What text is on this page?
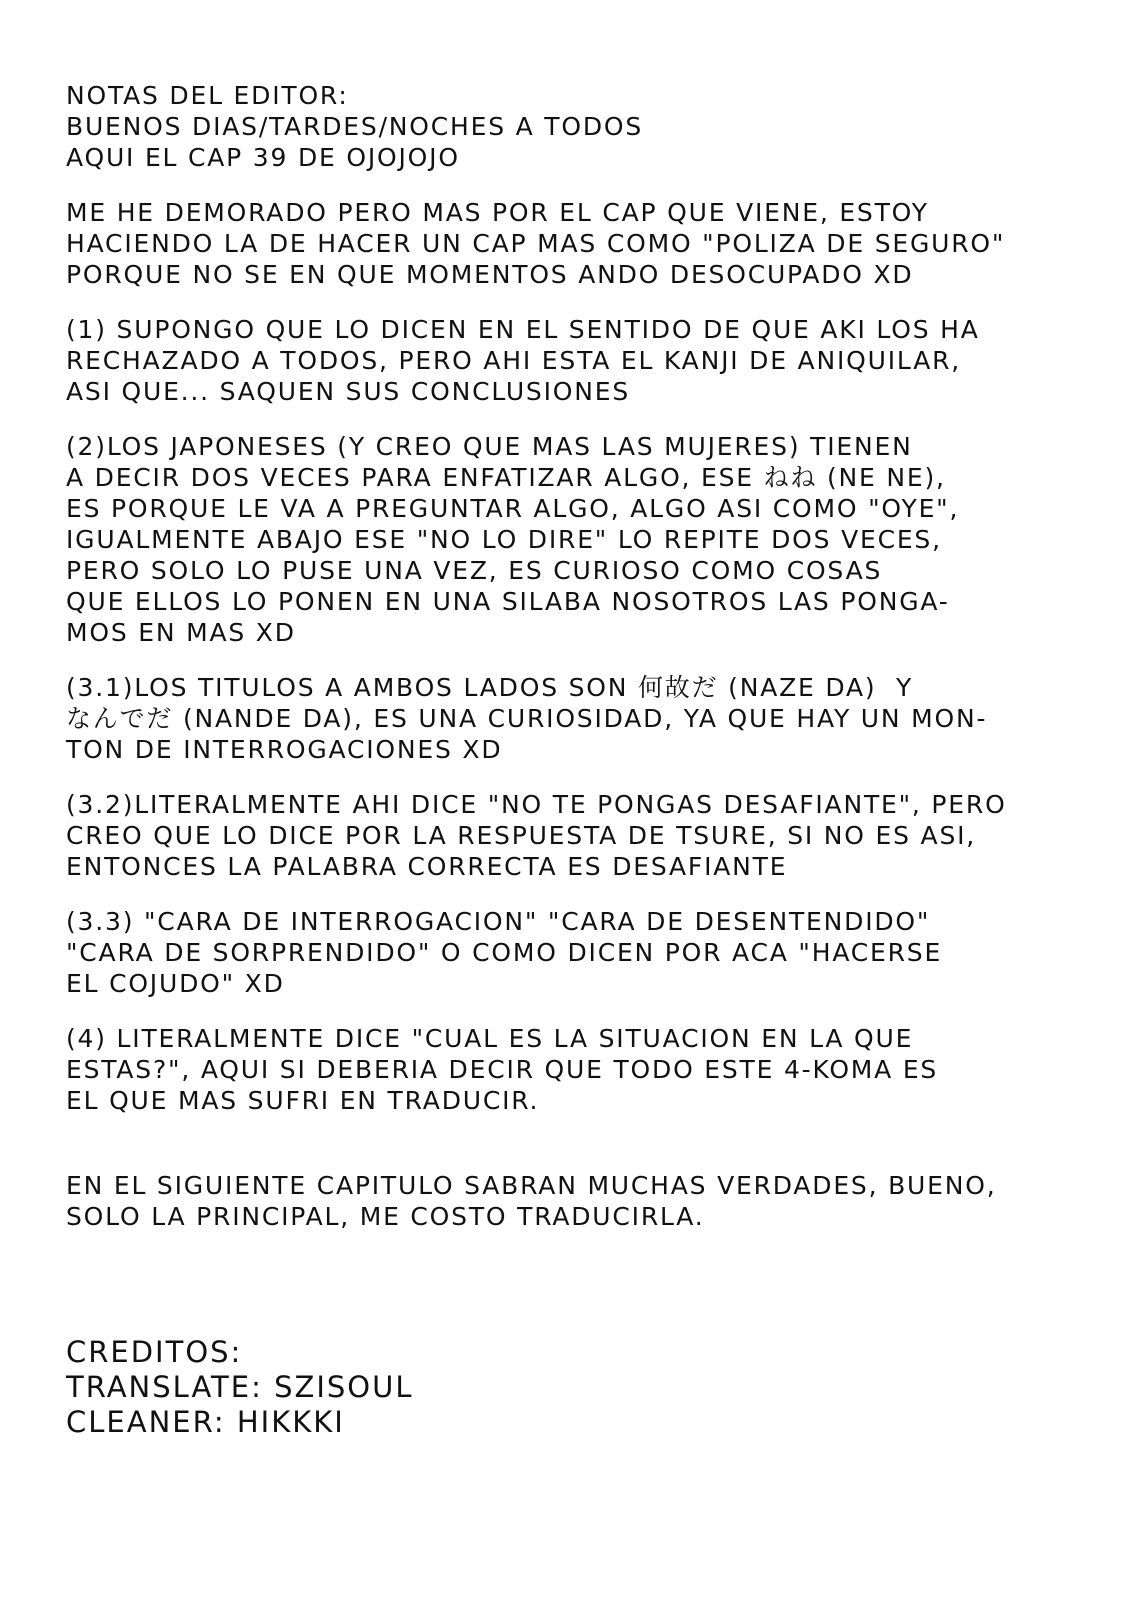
NOTAS DEL EDITOR:
BUENOS DIAS/TARDES/NOCHES A TODOS
AQUI EL CAP 39 DE OJOJOJO
ME HE DEMORADO PERO MAS POR EL CAP QUE VIENE, ESTOY
HACIENDO LA DE HACER UN CAP MAS COMO "POLIZA DE SEGURO"
PORQUE NO SE EN QUE MOMENTOS ANDO DESOCUPADO XD
(1) SUPONGO QUE LO DICEN EN EL SENTIDO DE QUE AKI LOS HA
RECHAZADO A TODOS, PERO AHI ESTA EL KANJI DE ANIQUILAR,
ASI QUE... SAQUEN SUS CONCLUSIONES
(2)LOS JAPONESES (Y CREO QUE MAS LAS MUJERES) TIENEN
A DECIR DOS VECES PARA ENFATIZAR ALGO, ESE ねね (NE NE),
ES PORQUE LE VA A PREGUNTAR ALGO, ALGO ASI COMO "OYE",
IGUALMENTE ABAJO ESE "NO LO DIRE" LO REPITE DOS VECES,
PERO SOLO LO PUSE UNA VEZ, ES CURIOSO COMO COSAS
QUE ELLOS LO PONEN EN UNA SILABA NOSOTROS LAS PONGA-
MOS EN MAS XD
(3.1)LOS TITULOS A AMBOS LADOS SON 何故だ (NAZE DA)  Y
なんでだ (NANDE DA), ES UNA CURIOSIDAD, YA QUE HAY UN MON-
TON DE INTERROGACIONES XD
(3.2)LITERALMENTE AHI DICE "NO TE PONGAS DESAFIANTE", PERO
CREO QUE LO DICE POR LA RESPUESTA DE TSURE, SI NO ES ASI,
ENTONCES LA PALABRA CORRECTA ES DESAFIANTE
(3.3) "CARA DE INTERROGACION" "CARA DE DESENTENDIDO"
"CARA DE SORPRENDIDO" O COMO DICEN POR ACA "HACERSE
EL COJUDO" XD
(4) LITERALMENTE DICE "CUAL ES LA SITUACION EN LA QUE
ESTAS?", AQUI SI DEBERIA DECIR QUE TODO ESTE 4-KOMA ES
EL QUE MAS SUFRI EN TRADUCIR.
EN EL SIGUIENTE CAPITULO SABRAN MUCHAS VERDADES, BUENO,
SOLO LA PRINCIPAL, ME COSTO TRADUCIRLA.
CREDITOS:
TRANSLATE: SZISOUL
CLEANER: HIKKKI
